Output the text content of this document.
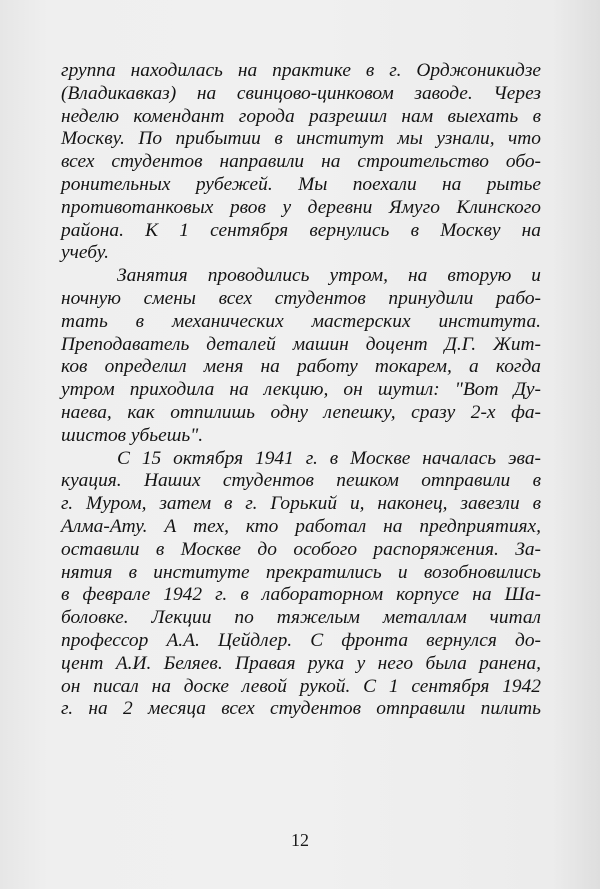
группа находилась на практике в г. Орджоникидзе
(Владикавказ) на свинцово-цинковом заводе. Через
неделю комендант города разрешил нам выехать в
Москву. По прибытии в институт мы узнали, что
всех студентов направили на строительство обо-
ронительных рубежей. Мы поехали на рытье
противотанковых рвов у деревни Ямуго Клинского
района. К 1 сентября вернулись в Москву на
учебу.
Занятия проводились утром, на вторую и
ночную смены всех студентов принудили рабо-
тать в механических мастерских института.
Преподаватель деталей машин доцент Д.Г. Жит-
ков определил меня на работу токарем, а когда
утром приходила на лекцию, он шутил: "Вот Ду-
наева, как отпилишь одну лепешку, сразу 2-х фа-
шистов убьешь".
С 15 октября 1941 г. в Москве началась эва-
куация. Наших студентов пешком отправили в
г. Муром, затем в г. Горький и, наконец, завезли в
Алма-Ату. А тех, кто работал на предприятиях,
оставили в Москве до особого распоряжения. За-
нятия в институте прекратились и возобновились
в феврале 1942 г. в лабораторном корпусе на Ша-
боловке. Лекции по тяжелым металлам читал
профессор А.А. Цейдлер. С фронта вернулся до-
цент А.И. Беляев. Правая рука у него была ранена,
он писал на доске левой рукой. С 1 сентября 1942
г. на 2 месяца всех студентов отправили пилить
12
